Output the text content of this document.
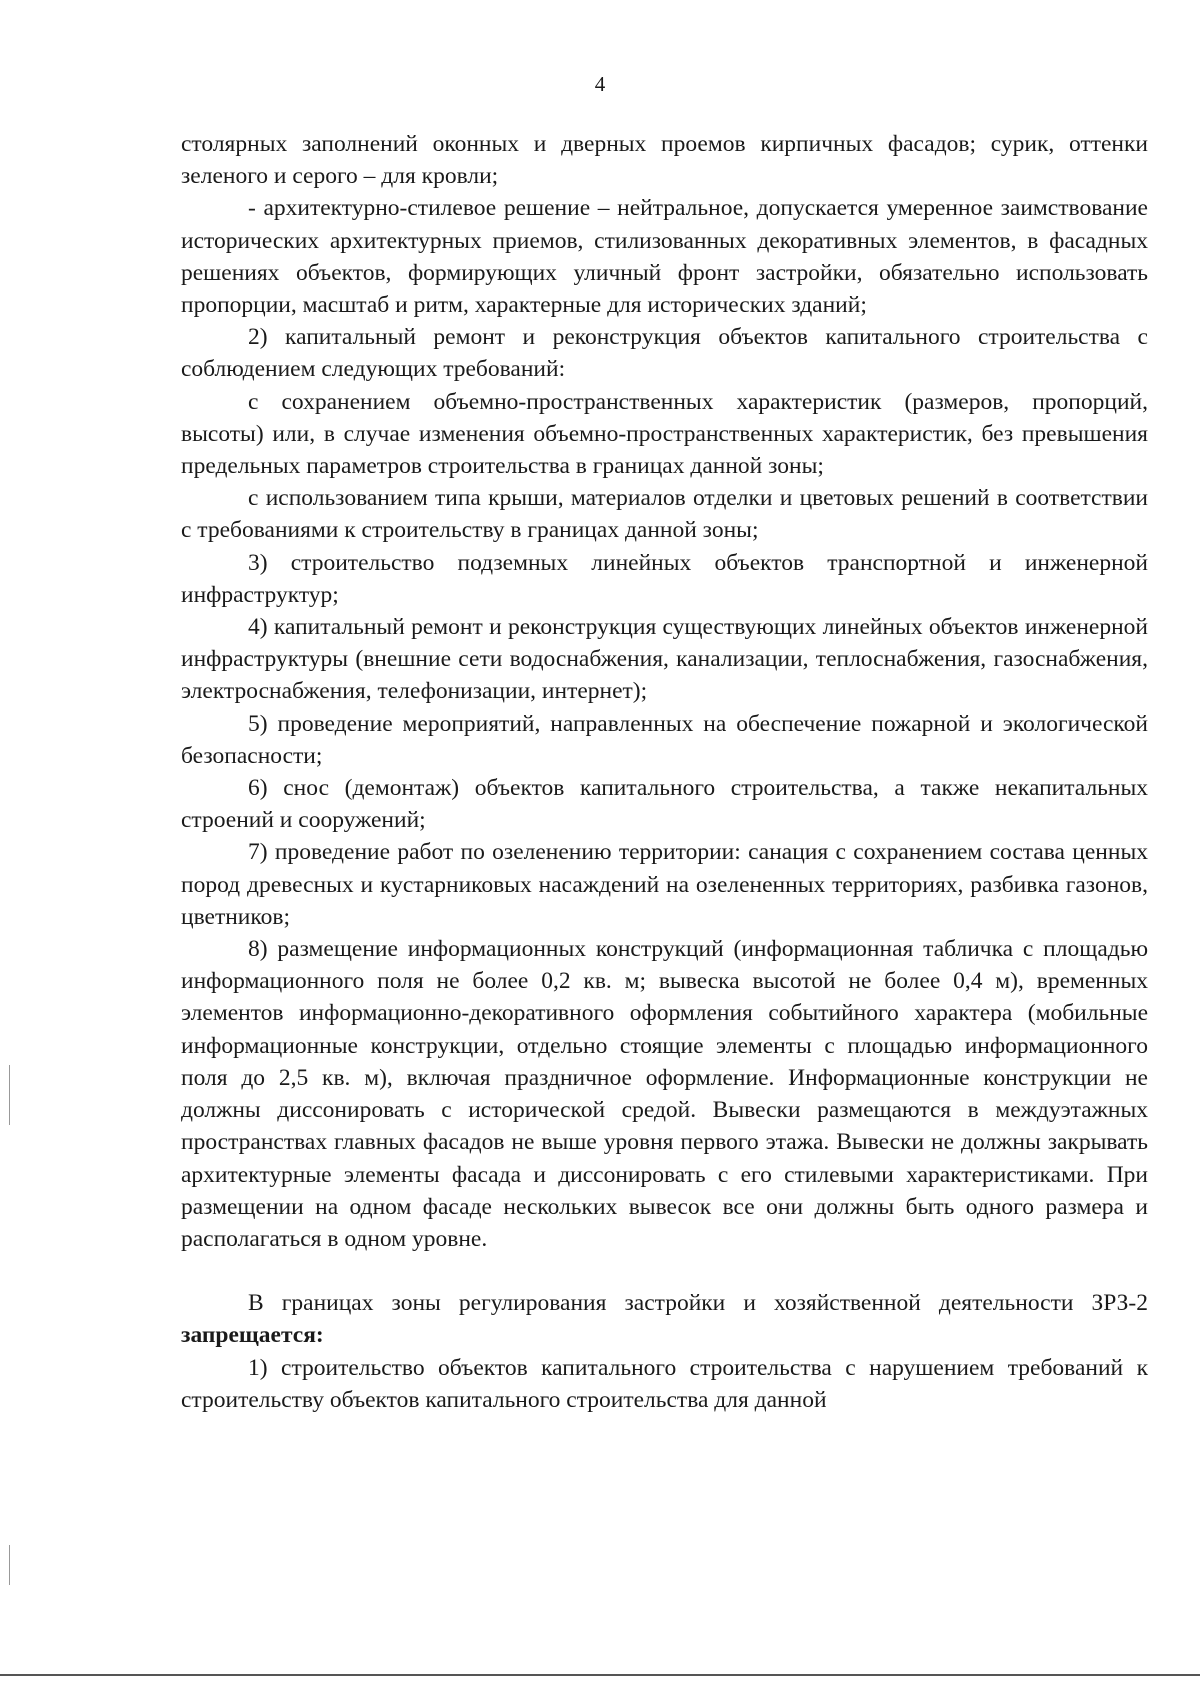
4

столярных заполнений оконных и дверных проемов кирпичных фасадов; сурик, оттенки зеленого и серого – для кровли;

- архитектурно-стилевое решение – нейтральное, допускается умеренное заимствование исторических архитектурных приемов, стилизованных декоративных элементов, в фасадных решениях объектов, формирующих уличный фронт застройки, обязательно использовать пропорции, масштаб и ритм, характерные для исторических зданий;

2) капитальный ремонт и реконструкция объектов капитального строительства с соблюдением следующих требований:

с сохранением объемно-пространственных характеристик (размеров, пропорций, высоты) или, в случае изменения объемно-пространственных характеристик, без превышения предельных параметров строительства в границах данной зоны;

с использованием типа крыши, материалов отделки и цветовых решений в соответствии с требованиями к строительству в границах данной зоны;

3) строительство подземных линейных объектов транспортной и инженерной инфраструктур;

4) капитальный ремонт и реконструкция существующих линейных объектов инженерной инфраструктуры (внешние сети водоснабжения, канализации, теплоснабжения, газоснабжения, электроснабжения, телефонизации, интернет);

5) проведение мероприятий, направленных на обеспечение пожарной и экологической безопасности;

6) снос (демонтаж) объектов капитального строительства, а также некапитальных строений и сооружений;

7) проведение работ по озеленению территории: санация с сохранением состава ценных пород древесных и кустарниковых насаждений на озелененных территориях, разбивка газонов, цветников;

8) размещение информационных конструкций (информационная табличка с площадью информационного поля не более 0,2 кв. м; вывеска высотой не более 0,4 м), временных элементов информационно-декоративного оформления событийного характера (мобильные информационные конструкции, отдельно стоящие элементы с площадью информационного поля до 2,5 кв. м), включая праздничное оформление. Информационные конструкции не должны диссонировать с исторической средой. Вывески размещаются в междуэтажных пространствах главных фасадов не выше уровня первого этажа. Вывески не должны закрывать архитектурные элементы фасада и диссонировать с его стилевыми характеристиками. При размещении на одном фасаде нескольких вывесок все они должны быть одного размера и располагаться в одном уровне.

В границах зоны регулирования застройки и хозяйственной деятельности ЗРЗ-2 запрещается:

1) строительство объектов капитального строительства с нарушением требований к строительству объектов капитального строительства для данной
